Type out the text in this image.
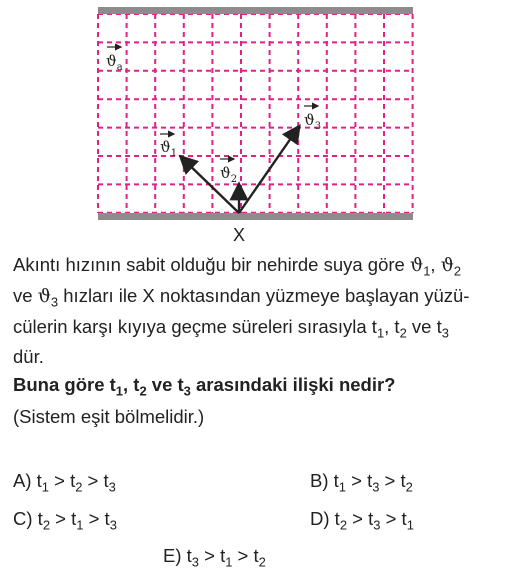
$ϑ_a$
$ϑ_1$
$ϑ_2$
$ϑ_3$
X
Akıntı hızının sabit olduğu bir nehirde suya göre $ϑ_1$, $ϑ_2$
ve $ϑ_3$ hızları ile X noktasından yüzmeye başlayan yüzü-
cülerin karşı kıyıya geçme süreleri sırasıyla $t_1$, $t_2$ ve $t_3$
dür.
Buna göre $t_1$, $t_2$ ve $t_3$ arasındaki ilişki nedir?
(Sistem eşit bölmelidir.)
A) $t_1 > t_2 > t_3$	B) $t_1 > t_3 > t_2$
C) $t_2 > t_1 > t_3$	D) $t_2 > t_3 > t_1$
E) $t_3 > t_1 > t_2$
